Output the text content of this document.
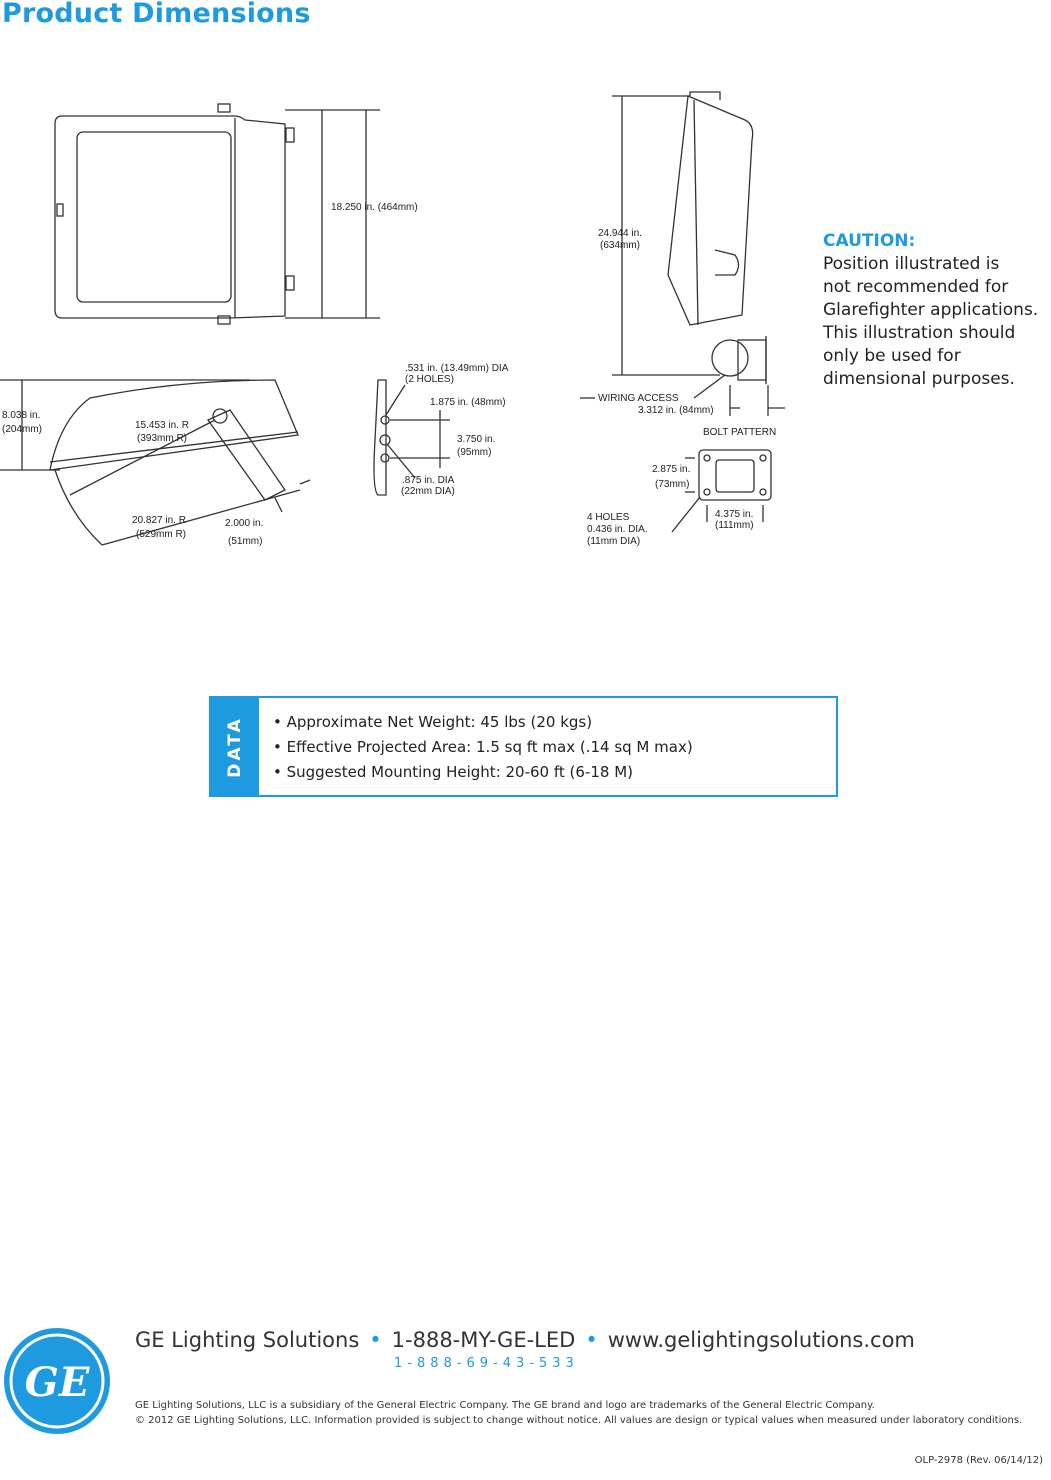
Product Dimensions
18.250 in. (464mm)
24.944 in.
(634mm)
WIRING ACCESS
3.312 in. (84mm)
8.038 in.
(204mm)	15.453 in. R
(393mm R)
20.827 in. R
(529mm R)
2.000 in.
(51mm)
.531 in. (13.49mm) DIA
(2 HOLES)
1.875 in. (48mm)
3.750 in.
(95mm)
.875 in. DIA
(22mm DIA)
BOLT PATTERN
2.875 in.
(73mm)
4.375 in.
(111mm)
4 HOLES
0.436 in. DIA.
(11mm DIA)
CAUTION:
Position illustrated is
not recommended for
Glarefighter applications.
This illustration should
only be used for
dimensional purposes.
DATA • Approximate Net Weight: 45 lbs (20 kgs)
• Effective Projected Area: 1.5 sq ft max (.14 sq M max)
• Suggested Mounting Height: 20-60 ft (6-18 M)
GE
GE Lighting Solutions • 1-888-MY-GE-LED • www.gelightingsolutions.com
1-888-69-43-533
GE Lighting Solutions, LLC is a subsidiary of the General Electric Company. The GE brand and logo are trademarks of the General Electric Company.
© 2012 GE Lighting Solutions, LLC. Information provided is subject to change without notice. All values are design or typical values when measured under laboratory conditions.
OLP-2978 (Rev. 06/14/12)
